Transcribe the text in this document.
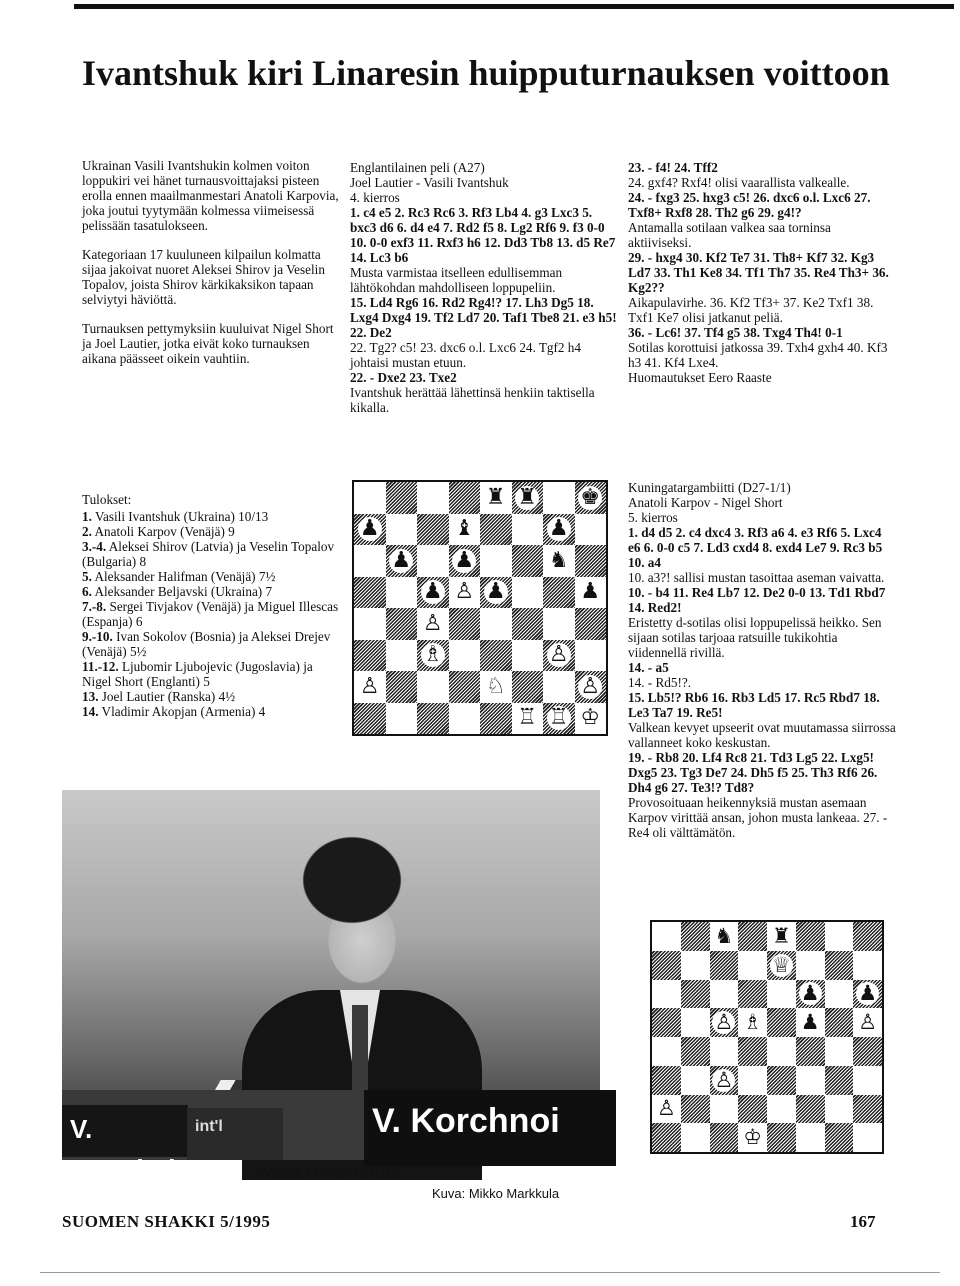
Ivantshuk kiri Linaresin huipputurnauksen voittoon

Ukrainan Vasili Ivantshukin kolmen voiton loppukiri vei hänet turnausvoittajaksi pisteen erolla ennen maailmanmestari Anatoli Karpovia, joka joutui tyytymään kolmessa viimeisessä pelissään tasatulokseen.

Kategoriaan 17 kuuluneen kilpailun kolmatta sijaa jakoivat nuoret Aleksei Shirov ja Veselin Topalov, joista Shirov kärkikaksikon tapaan selviytyi häviöttä.

Turnauksen pettymyksiin kuuluivat Nigel Short ja Joel Lautier, jotka eivät koko turnauksen aikana päässeet oikein vauhtiin.

Tulokset:
1. Vasili Ivantshuk (Ukraina) 10/13
2. Anatoli Karpov (Venäjä) 9
3.-4. Aleksei Shirov (Latvia) ja Veselin Topalov (Bulgaria) 8
5. Aleksander Halifman (Venäjä) 7½
6. Aleksander Beljavski (Ukraina) 7
7.-8. Sergei Tivjakov (Venäjä) ja Miguel Illescas (Espanja) 6
9.-10. Ivan Sokolov (Bosnia) ja Aleksei Drejev (Venäjä) 5½
11.-12. Ljubomir Ljubojevic (Jugoslavia) ja Nigel Short (Englanti) 5
13. Joel Lautier (Ranska) 4½
14. Vladimir Akopjan (Armenia) 4
Englantilainen peli (A27)
Joel Lautier - Vasili Ivantshuk
4. kierros
1. c4 e5 2. Rc3 Rc6 3. Rf3 Lb4 4. g3 Lxc3 5. bxc3 d6 6. d4 e4 7. Rd2 f5 8. Lg2 Rf6 9. f3 0-0 10. 0-0 exf3 11. Rxf3 h6 12. Dd3 Tb8 13. d5 Re7 14. Lc3 b6
Musta varmistaa itselleen edullisemman lähtökohdan mahdolliseen loppupeliin.
15. Ld4 Rg6 16. Rd2 Rg4!? 17. Lh3 Dg5 18. Lxg4 Dxg4 19. Tf2 Ld7 20. Taf1 Tbe8 21. e3 h5! 22. De2
22. Tg2? c5! 23. dxc6 o.l. Lxc6 24. Tgf2 h4 johtaisi mustan etuun.
22. - Dxe2 23. Txe2
Ivantshuk herättää lähettinsä henkiin taktisella kikalla.
23. - f4! 24. Tff2
24. gxf4? Rxf4! olisi vaarallista valkealle.
24. - fxg3 25. hxg3 c5! 26. dxc6 o.l. Lxc6 27. Txf8+ Rxf8 28. Th2 g6 29. g4!?
Antamalla sotilaan valkea saa torninsa aktiiviseksi.
29. - hxg4 30. Kf2 Te7 31. Th8+ Kf7 32. Kg3 Ld7 33. Th1 Ke8 34. Tf1 Th7 35. Re4 Th3+ 36. Kg2??
Aikapulavirhe. 36. Kf2 Tf3+ 37. Ke2 Txf1 38. Txf1 Ke7 olisi jatkanut peliä.
36. - Lc6! 37. Tf4 g5 38. Txg4 Th4! 0-1
Sotilas korottuisi jatkossa 39. Txh4 gxh4 40. Kf3 h3 41. Kf4 Lxe4.
Huomautukset Eero Raaste
Kuningatargambiitti (D27-1/1)
Anatoli Karpov - Nigel Short
5. kierros
1. d4 d5 2. c4 dxc4 3. Rf3 a6 4. e3 Rf6 5. Lxc4 e6 6. 0-0 c5 7. Ld3 cxd4 8. exd4 Le7 9. Rc3 b5 10. a4
10. a3?! sallisi mustan tasoittaa aseman vaivatta.
10. - b4 11. Re4 Lb7 12. De2 0-0 13. Td1 Rbd7 14. Red2!
Eristetty d-sotilas olisi loppupelissä heikko. Sen sijaan sotilas tarjoaa ratsuille tukikohtia viidennellä rivillä.
14. - a5
14. - Rd5!?.
15. Lb5!? Rb6 16. Rb3 Ld5 17. Rc5 Rbd7 18. Le3 Ta7 19. Re5!
Valkean kevyet upseerit ovat muutamassa siirrossa vallanneet koko keskustan.
19. - Rb8 20. Lf4 Rc8 21. Td3 Lg5 22. Lxg5! Dxg5 23. Tg3 De7 24. Dh5 f5 25. Th3 Rf6 26. Dh4 g6 27. Te3!? Td8?
Provosoituaan heikennyksiä mustan asemaan Karpov virittää ansan, johon musta lankeaa. 27. - Re4 oli välttämätön.
♜ ♜ ♚
♟	♝	♟
♟ ♟	♞
♟ ♙ ♟	♟
♙
♗	♙
♙	♘	♙
♖ ♖ ♔
♞ ♜
♕
♟ ♟
♙ ♗ ♟ ♙
♙
♙
♔
V. Ivanchuk
int'l	V. Korchnoi
VASILI IVANTSHUK
Kuva: Mikko Markkula
SUOMEN SHAKKI 5/1995	167
